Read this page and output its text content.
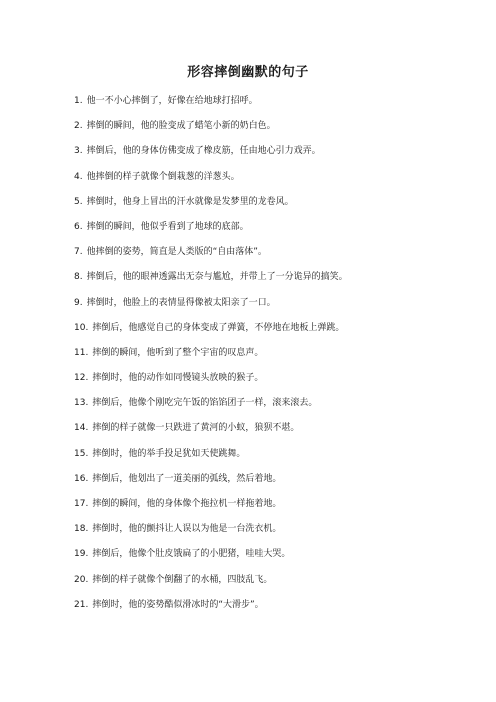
形容摔倒幽默的句子
1. 他一不小心摔倒了，好像在给地球打招呼。
2. 摔倒的瞬间，他的脸变成了蜡笔小新的奶白色。
3. 摔倒后，他的身体仿佛变成了橡皮筋，任由地心引力戏弄。
4. 他摔倒的样子就像个倒栽葱的洋葱头。
5. 摔倒时，他身上冒出的汗水就像是发梦里的龙卷风。
6. 摔倒的瞬间，他似乎看到了地球的底部。
7. 他摔倒的姿势，简直是人类版的“自由落体”。
8. 摔倒后，他的眼神透露出无奈与尴尬，并带上了一分诡异的搞笑。
9. 摔倒时，他脸上的表情显得像被太阳亲了一口。
10. 摔倒后，他感觉自己的身体变成了弹簧，不停地在地板上弹跳。
11. 摔倒的瞬间，他听到了整个宇宙的叹息声。
12. 摔倒时，他的动作如同慢镜头放映的猴子。
13. 摔倒后，他像个刚吃完午饭的馅馅团子一样，滚来滚去。
14. 摔倒的样子就像一只跌进了黄河的小蚁，狼狈不堪。
15. 摔倒时，他的举手投足犹如天使跳舞。
16. 摔倒后，他划出了一道美丽的弧线，然后着地。
17. 摔倒的瞬间，他的身体像个拖拉机一样拖着地。
18. 摔倒时，他的颤抖让人误以为他是一台洗衣机。
19. 摔倒后，他像个肚皮饿扁了的小肥猪，哇哇大哭。
20. 摔倒的样子就像个倒翻了的水桶，四肢乱飞。
21. 摔倒时，他的姿势酷似滑冰时的“大滑步”。
